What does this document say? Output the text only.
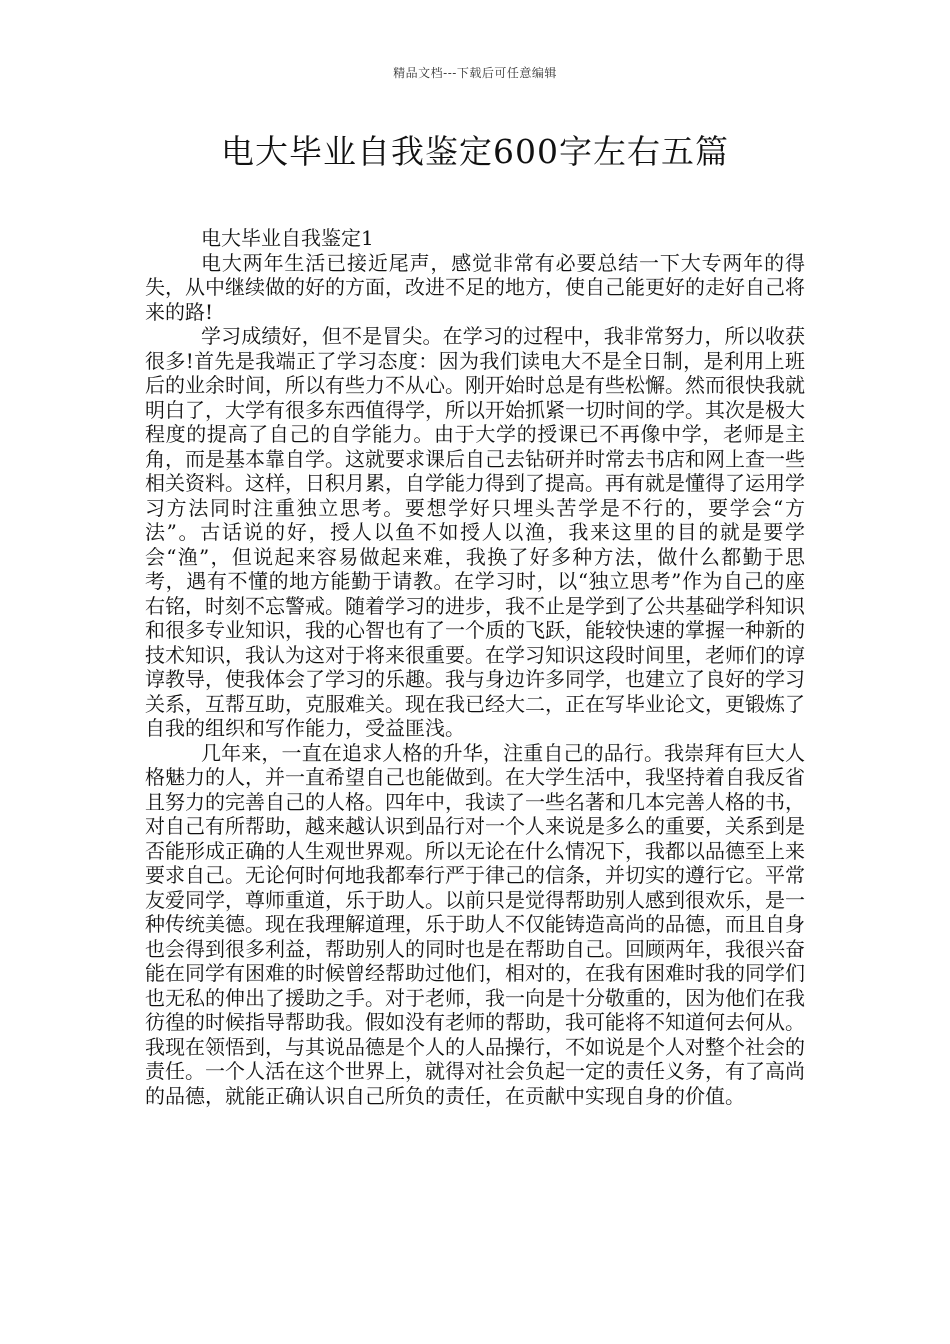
精品文档---下载后可任意编辑
电大毕业自我鉴定600字左右五篇

电大毕业自我鉴定1

电大两年生活已接近尾声，感觉非常有必要总结一下大专两年的得失，从中继续做的好的方面，改进不足的地方，使自己能更好的走好自己将来的路!

学习成绩好，但不是冒尖。在学习的过程中，我非常努力，所以收获很多!首先是我端正了学习态度：因为我们读电大不是全日制，是利用上班后的业余时间，所以有些力不从心。刚开始时总是有些松懈。然而很快我就明白了，大学有很多东西值得学，所以开始抓紧一切时间的学。其次是极大程度的提高了自己的自学能力。由于大学的授课已不再像中学，老师是主角，而是基本靠自学。这就要求课后自己去钻研并时常去书店和网上查一些相关资料。这样，日积月累，自学能力得到了提高。再有就是懂得了运用学习方法同时注重独立思考。要想学好只埋头苦学是不行的，要学会“方法”。古话说的好，授人以鱼不如授人以渔，我来这里的目的就是要学会“渔”，但说起来容易做起来难，我换了好多种方法，做什么都勤于思考，遇有不懂的地方能勤于请教。在学习时，以“独立思考”作为自己的座右铭，时刻不忘警戒。随着学习的进步，我不止是学到了公共基础学科知识和很多专业知识，我的心智也有了一个质的飞跃，能较快速的掌握一种新的技术知识，我认为这对于将来很重要。在学习知识这段时间里，老师们的谆谆教导，使我体会了学习的乐趣。我与身边许多同学，也建立了良好的学习关系，互帮互助，克服难关。现在我已经大二，正在写毕业论文，更锻炼了自我的组织和写作能力，受益匪浅。

几年来，一直在追求人格的升华，注重自己的品行。我崇拜有巨大人格魅力的人，并一直希望自己也能做到。在大学生活中，我坚持着自我反省且努力的完善自己的人格。四年中，我读了一些名著和几本完善人格的书，对自己有所帮助，越来越认识到品行对一个人来说是多么的重要，关系到是否能形成正确的人生观世界观。所以无论在什么情况下，我都以品德至上来要求自己。无论何时何地我都奉行严于律己的信条，并切实的遵行它。平常友爱同学，尊师重道，乐于助人。以前只是觉得帮助别人感到很欢乐，是一种传统美德。现在我理解道理，乐于助人不仅能铸造高尚的品德，而且自身也会得到很多利益，帮助别人的同时也是在帮助自己。回顾两年，我很兴奋能在同学有困难的时候曾经帮助过他们，相对的，在我有困难时我的同学们也无私的伸出了援助之手。对于老师，我一向是十分敬重的，因为他们在我彷徨的时候指导帮助我。假如没有老师的帮助，我可能将不知道何去何从。我现在领悟到，与其说品德是个人的人品操行，不如说是个人对整个社会的责任。一个人活在这个世界上，就得对社会负起一定的责任义务，有了高尚的品德，就能正确认识自己所负的责任，在贡献中实现自身的价值。
